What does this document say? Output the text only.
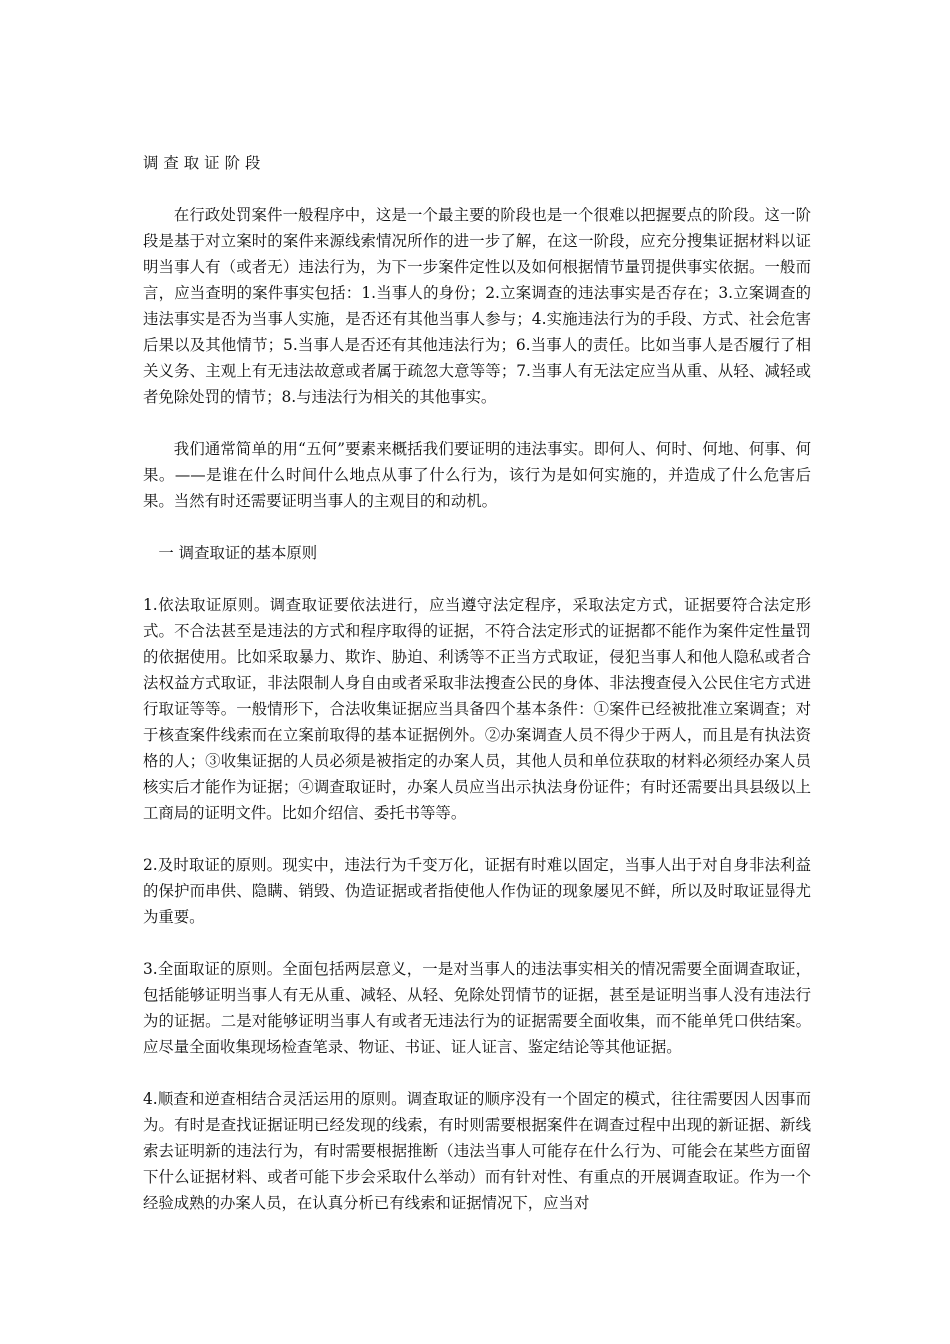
调查取证阶段

在行政处罚案件一般程序中，这是一个最主要的阶段也是一个很难以把握要点的阶段。这一阶段是基于对立案时的案件来源线索情况所作的进一步了解，在这一阶段，应充分搜集证据材料以证明当事人有（或者无）违法行为，为下一步案件定性以及如何根据情节量罚提供事实依据。一般而言，应当查明的案件事实包括：1.当事人的身份；2.立案调查的违法事实是否存在；3.立案调查的违法事实是否为当事人实施，是否还有其他当事人参与；4.实施违法行为的手段、方式、社会危害后果以及其他情节；5.当事人是否还有其他违法行为；6.当事人的责任。比如当事人是否履行了相关义务、主观上有无违法故意或者属于疏忽大意等等；7.当事人有无法定应当从重、从轻、减轻或者免除处罚的情节；8.与违法行为相关的其他事实。

我们通常简单的用“五何”要素来概括我们要证明的违法事实。即何人、何时、何地、何事、何果。——是谁在什么时间什么地点从事了什么行为，该行为是如何实施的，并造成了什么危害后果。当然有时还需要证明当事人的主观目的和动机。

一 调查取证的基本原则

1.依法取证原则。调查取证要依法进行，应当遵守法定程序，采取法定方式，证据要符合法定形式。不合法甚至是违法的方式和程序取得的证据，不符合法定形式的证据都不能作为案件定性量罚的依据使用。比如采取暴力、欺诈、胁迫、利诱等不正当方式取证，侵犯当事人和他人隐私或者合法权益方式取证，非法限制人身自由或者采取非法搜查公民的身体、非法搜查侵入公民住宅方式进行取证等等。一般情形下，合法收集证据应当具备四个基本条件：①案件已经被批准立案调查；对于核查案件线索而在立案前取得的基本证据例外。②办案调查人员不得少于两人，而且是有执法资格的人；③收集证据的人员必须是被指定的办案人员，其他人员和单位获取的材料必须经办案人员核实后才能作为证据；④调查取证时，办案人员应当出示执法身份证件；有时还需要出具县级以上工商局的证明文件。比如介绍信、委托书等等。

2.及时取证的原则。现实中，违法行为千变万化，证据有时难以固定，当事人出于对自身非法利益的保护而串供、隐瞒、销毁、伪造证据或者指使他人作伪证的现象屡见不鲜，所以及时取证显得尤为重要。

3.全面取证的原则。全面包括两层意义，一是对当事人的违法事实相关的情况需要全面调查取证，包括能够证明当事人有无从重、减轻、从轻、免除处罚情节的证据，甚至是证明当事人没有违法行为的证据。二是对能够证明当事人有或者无违法行为的证据需要全面收集，而不能单凭口供结案。应尽量全面收集现场检查笔录、物证、书证、证人证言、鉴定结论等其他证据。

4.顺查和逆查相结合灵活运用的原则。调查取证的顺序没有一个固定的模式，往往需要因人因事而为。有时是查找证据证明已经发现的线索，有时则需要根据案件在调查过程中出现的新证据、新线索去证明新的违法行为，有时需要根据推断（违法当事人可能存在什么行为、可能会在某些方面留下什么证据材料、或者可能下步会采取什么举动）而有针对性、有重点的开展调查取证。作为一个经验成熟的办案人员，在认真分析已有线索和证据情况下，应当对
